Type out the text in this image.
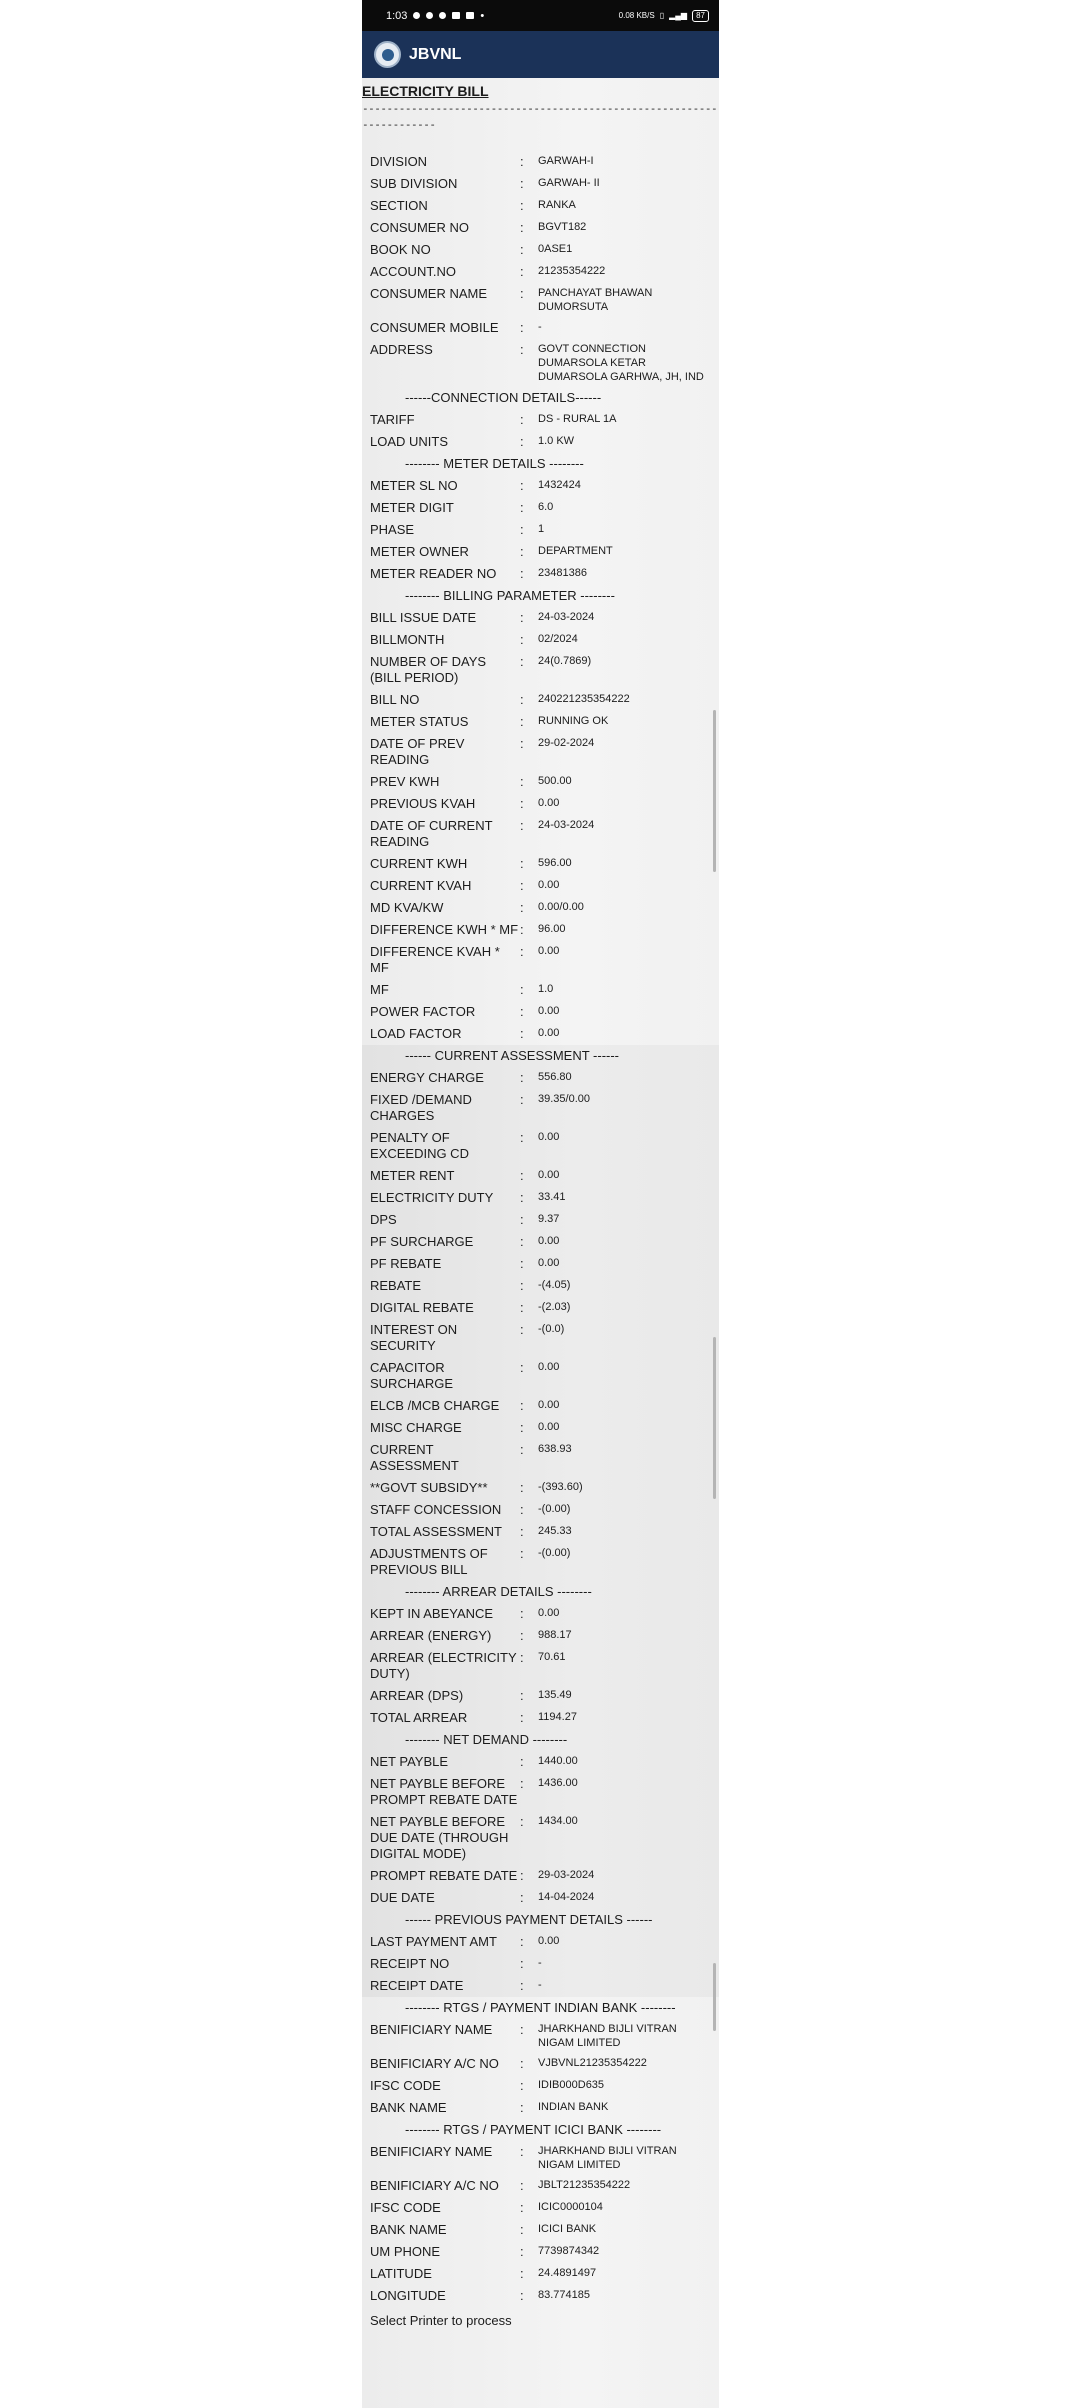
1:03	•	0.08 KB/S ▯ ▂▄▆	87
JBVNL
ELECTRICITY BILL
----------------------------------------------------------------------
DIVISION	:	GARWAH-I
SUB DIVISION	:	GARWAH- II
SECTION	:	RANKA
CONSUMER NO	:	BGVT182
BOOK NO	:	0ASE1
ACCOUNT.NO	:	21235354222
CONSUMER NAME	:	PANCHAYAT BHAWAN DUMORSUTA
CONSUMER MOBILE	:	-
ADDRESS	:	GOVT CONNECTION DUMARSOLA KETAR DUMARSOLA GARHWA, JH, IND
------CONNECTION DETAILS------
TARIFF	:	DS - RURAL 1A
LOAD UNITS	:	1.0 KW
-------- METER DETAILS --------
METER SL NO	:	1432424
METER DIGIT	:	6.0
PHASE	:	1
METER OWNER	:	DEPARTMENT
METER READER NO	:	23481386
-------- BILLING PARAMETER --------
BILL ISSUE DATE	:	24-03-2024
BILLMONTH	:	02/2024
NUMBER OF DAYS (BILL PERIOD)
:	24(0.7869)
BILL NO	:	240221235354222
METER STATUS	:	RUNNING OK
DATE OF PREV READING
:	29-02-2024
PREV KWH	:	500.00
PREVIOUS KVAH	:	0.00
DATE OF CURRENT READING
:	24-03-2024
CURRENT KWH	:	596.00
CURRENT KVAH	:	0.00
MD KVA/KW	:	0.00/0.00
DIFFERENCE KWH * MF :	96.00
DIFFERENCE KVAH * MF
:	0.00
MF	:	1.0
POWER FACTOR	:	0.00
LOAD FACTOR	:	0.00
------ CURRENT ASSESSMENT ------
ENERGY CHARGE	:	556.80
FIXED /DEMAND CHARGES
:	39.35/0.00
PENALTY OF EXCEEDING CD
:	0.00
METER RENT	:	0.00
ELECTRICITY DUTY	:	33.41
DPS	:	9.37
PF SURCHARGE	:	0.00
PF REBATE	:	0.00
REBATE	:	-(4.05)
DIGITAL REBATE	:	-(2.03)
INTEREST ON SECURITY
:	-(0.0)
CAPACITOR SURCHARGE
:	0.00
ELCB /MCB CHARGE	:	0.00
MISC CHARGE	:	0.00
CURRENT ASSESSMENT
:	638.93
**GOVT SUBSIDY**	:	-(393.60)
STAFF CONCESSION	:	-(0.00)
TOTAL ASSESSMENT	:	245.33
ADJUSTMENTS OF PREVIOUS BILL
:	-(0.00)
-------- ARREAR DETAILS --------
KEPT IN ABEYANCE	:	0.00
ARREAR (ENERGY)	:	988.17
ARREAR (ELECTRICITY DUTY)
:	70.61
ARREAR (DPS)	:	135.49
TOTAL ARREAR	:	1194.27
-------- NET DEMAND --------
NET PAYBLE	:	1440.00
NET PAYBLE BEFORE PROMPT REBATE DATE
:	1436.00
NET PAYBLE BEFORE DUE DATE (THROUGH DIGITAL MODE)
:	1434.00
PROMPT REBATE DATE :	29-03-2024
DUE DATE	:	14-04-2024
------ PREVIOUS PAYMENT DETAILS ------
LAST PAYMENT AMT	:	0.00
RECEIPT NO	:	-
RECEIPT DATE	:	-
-------- RTGS / PAYMENT INDIAN BANK --------
BENIFICIARY NAME	:	JHARKHAND BIJLI VITRAN NIGAM LIMITED
BENIFICIARY A/C NO	:	VJBVNL21235354222
IFSC CODE	:	IDIB000D635
BANK NAME	:	INDIAN BANK
-------- RTGS / PAYMENT ICICI BANK --------
BENIFICIARY NAME	:	JHARKHAND BIJLI VITRAN NIGAM LIMITED
BENIFICIARY A/C NO	:	JBLT21235354222
IFSC CODE	:	ICIC0000104
BANK NAME	:	ICICI BANK
UM PHONE	:	7739874342
LATITUDE	:	24.4891497
LONGITUDE	:	83.774185
Select Printer to process
